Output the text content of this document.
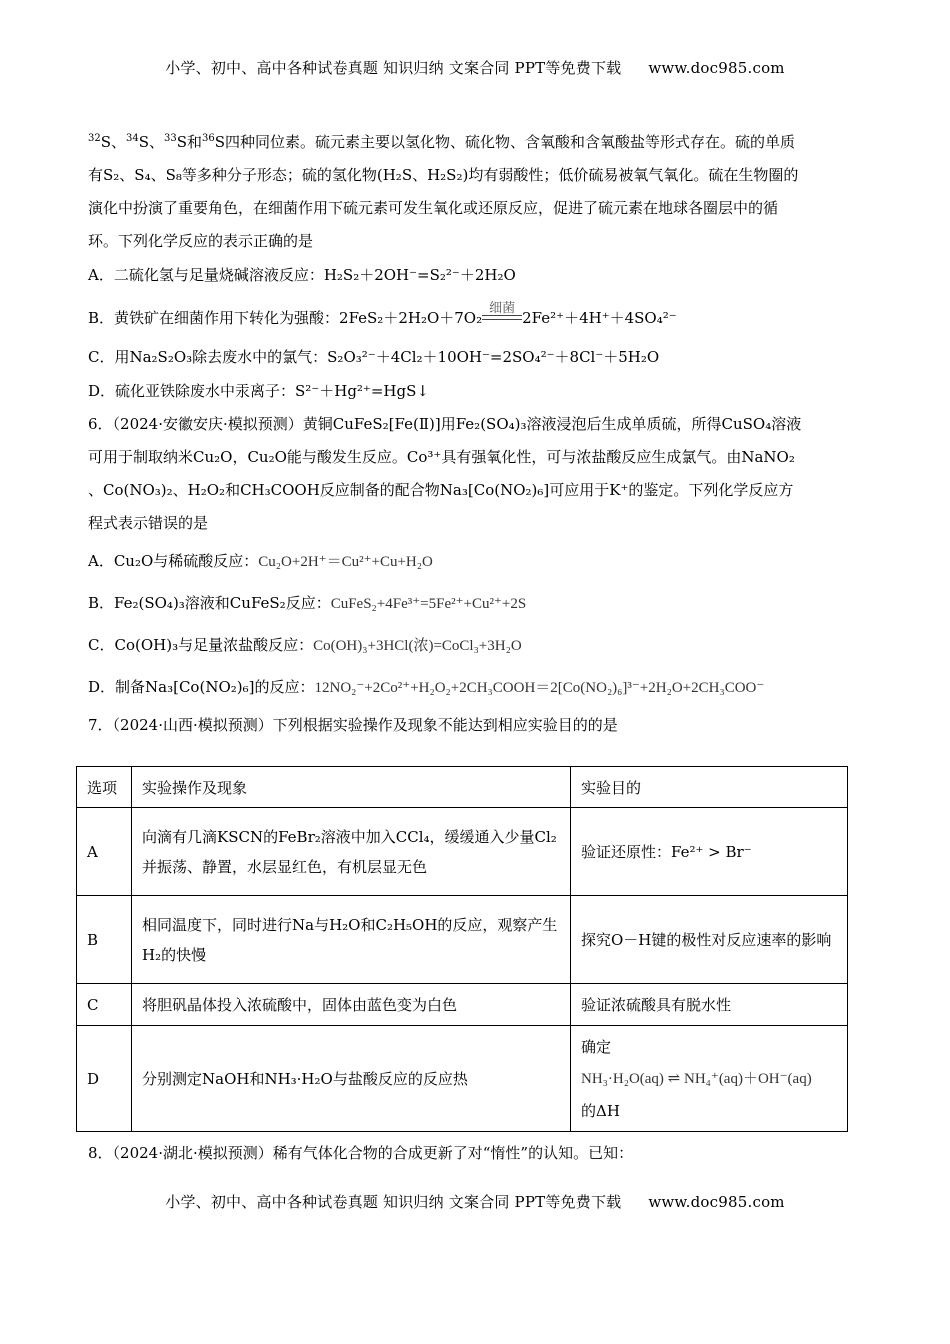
小学、初中、高中各种试卷真题 知识归纳 文案合同 PPT等免费下载 www.doc985.com
$^{32}$S、$^{34}$S、$^{33}$S和$^{36}$S四种同位素。硫元素主要以氢化物、硫化物、含氧酸和含氧酸盐等形式存在。硫的单质
有S₂、S₄、S₈等多种分子形态；硫的氢化物(H₂S、H₂S₂)均有弱酸性；低价硫易被氧气氧化。硫在生物圈的
演化中扮演了重要角色，在细菌作用下硫元素可发生氧化或还原反应，促进了硫元素在地球各圈层中的循
环。下列化学反应的表示正确的是
A．二硫化氢与足量烧碱溶液反应：H₂S₂＋2OH⁻=S₂²⁻＋2H₂O
B．黄铁矿在细菌作用下转化为强酸：2FeS₂＋2H₂O＋7O₂
细菌
2Fe²⁺＋4H⁺＋4SO₄²⁻
C．用Na₂S₂O₃除去废水中的氯气：S₂O₃²⁻＋4Cl₂＋10OH⁻=2SO₄²⁻＋8Cl⁻＋5H₂O
D．硫化亚铁除废水中汞离子：S²⁻＋Hg²⁺=HgS↓
6．（2024·安徽安庆·模拟预测）黄铜CuFeS₂[Fe(Ⅱ)]用Fe₂(SO₄)₃溶液浸泡后生成单质硫，所得CuSO₄溶液
可用于制取纳米Cu₂O，Cu₂O能与酸发生反应。Co³⁺具有强氧化性，可与浓盐酸反应生成氯气。由NaNO₂
、Co(NO₃)₂、H₂O₂和CH₃COOH反应制备的配合物Na₃[Co(NO₂)₆]可应用于K⁺的鉴定。下列化学反应方
程式表示错误的是
A．Cu₂O与稀硫酸反应：Cu₂O+2H⁺＝Cu²⁺+Cu+H₂O
B．Fe₂(SO₄)₃溶液和CuFeS₂反应：CuFeS₂+4Fe³⁺=5Fe²⁺+Cu²⁺+2S
C．Co(OH)₃与足量浓盐酸反应：Co(OH)₃+3HCl(浓)=CoCl₃+3H₂O
D．制备Na₃[Co(NO₂)₆]的反应：12NO₂⁻+2Co²⁺+H₂O₂+2CH₃COOH＝2[Co(NO₂)₆]³⁻+2H₂O+2CH₃COO⁻
7．（2024·山西·模拟预测）下列根据实验操作及现象不能达到相应实验目的的是
选项	实验操作及现象	实验目的
A	向滴有几滴KSCN的FeBr₂溶液中加入CCl₄，缓缓通入少量Cl₂并振荡、静置，水层显红色，有机层显无色	验证还原性：Fe²⁺ > Br⁻
B	相同温度下，同时进行Na与H₂O和C₂H₅OH的反应，观察产生H₂的快慢	探究O－H键的极性对反应速率的影响
C	将胆矾晶体投入浓硫酸中，固体由蓝色变为白色	验证浓硫酸具有脱水性
D	分别测定NaOH和NH₃·H₂O与盐酸反应的反应热	确定
NH₃·H₂O(aq) ⇌ NH₄⁺(aq)＋OH⁻(aq)
的ΔH
8．（2024·湖北·模拟预测）稀有气体化合物的合成更新了对“惰性”的认知。已知：
小学、初中、高中各种试卷真题 知识归纳 文案合同 PPT等免费下载 www.doc985.com
